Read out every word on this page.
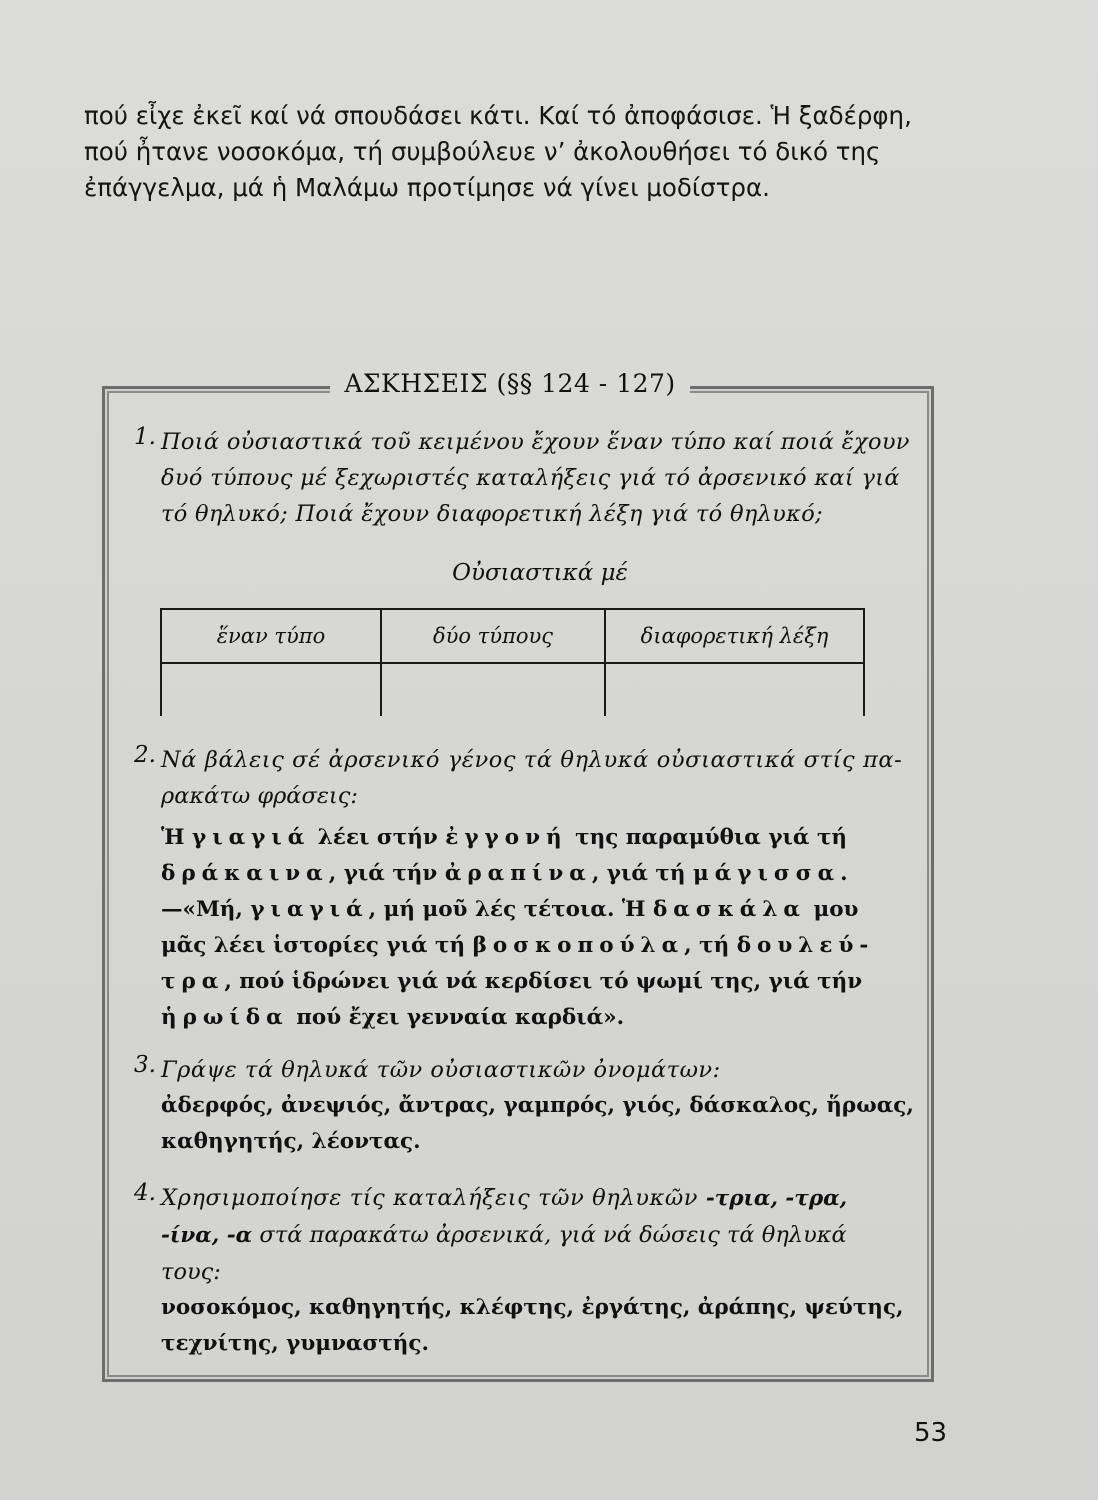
πού εἶχε ἐκεῖ καί νά σπουδάσει κάτι. Καί τό ἀποφάσισε. Ἡ ξαδέρφη,

πού ἦτανε νοσοκόμα, τή συμβούλευε ν’ ἀκολουθήσει τό δικό της

ἐπάγγελμα, μά ἡ Μαλάμω προτίμησε νά γίνει μοδίστρα.

ΑΣΚΗΣΕΙΣ (§§ 124 - 127)
1. Ποιά οὐσιαστικά τοῦ κειμένου ἔχουν ἕναν τύπο καί ποιά ἔχουν

δυό τύπους μέ ξεχωριστές καταλήξεις γιά τό ἀρσενικό καί γιά

τό θηλυκό; Ποιά ἔχουν διαφορετική λέξη γιά τό θηλυκό;

Οὐσιαστικά μέ
ἕναν τύπο	δύο τύπους	διαφορετική λέξη

2. Νά βάλεις σέ ἀρσενικό γένος τά θηλυκά οὐσιαστικά στίς πα-

ρακάτω φράσεις:

Ἡ γιαγιά λέει στήν ἐγγονή της παραμύθια γιά τή

δράκαινα, γιά τήν ἀραπίνα, γιά τή μάγισσα.

—«Μή, γιαγιά, μή μοῦ λές τέτοια. Ἡ δασκάλα μου

μᾶς λέει ἱστορίες γιά τή βοσκοπούλα, τή δουλεύ-

τρα, πού ἱδρώνει γιά νά κερδίσει τό ψωμί της, γιά τήν

ἡρωίδα πού ἔχει γενναία καρδιά».

3. Γράψε τά θηλυκά τῶν οὐσιαστικῶν ὀνομάτων:

ἀδερφός, ἀνεψιός, ἄντρας, γαμπρός, γιός, δάσκαλος, ἥρωας,

καθηγητής, λέοντας.

4. Χρησιμοποίησε τίς καταλήξεις τῶν θηλυκῶν -τρια, -τρα,

-ίνα, -α στά παρακάτω ἀρσενικά, γιά νά δώσεις τά θηλυκά

τους:

νοσοκόμος, καθηγητής, κλέφτης, ἐργάτης, ἀράπης, ψεύτης,

τεχνίτης, γυμναστής.

53
